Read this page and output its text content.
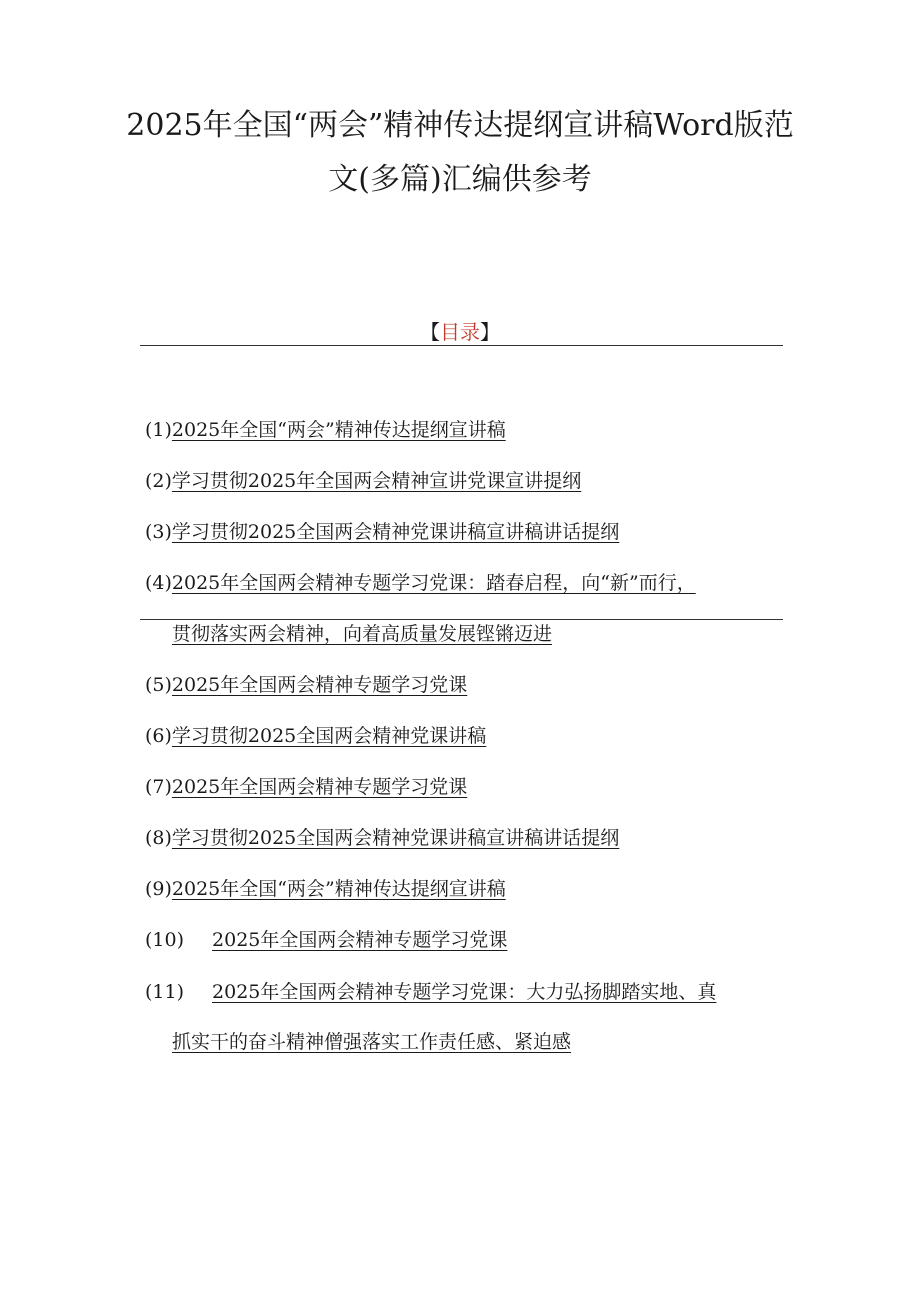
2025年全国“两会”精神传达提纲宣讲稿Word版范
文(多篇)汇编供参考
【目录】
(1)2025年全国“两会”精神传达提纲宣讲稿
(2)学习贯彻2025年全国两会精神宣讲党课宣讲提纲
(3)学习贯彻2025全国两会精神党课讲稿宣讲稿讲话提纲
(4)2025年全国两会精神专题学习党课：踏春启程，向“新”而行，
贯彻落实两会精神，向着高质量发展铿锵迈进
(5)2025年全国两会精神专题学习党课
(6)学习贯彻2025全国两会精神党课讲稿
(7)2025年全国两会精神专题学习党课
(8)学习贯彻2025全国两会精神党课讲稿宣讲稿讲话提纲
(9)2025年全国“两会”精神传达提纲宣讲稿
(10) 2025年全国两会精神专题学习党课
(11) 2025年全国两会精神专题学习党课：大力弘扬脚踏实地、真
抓实干的奋斗精神僧强落实工作责任感、紧迫感
